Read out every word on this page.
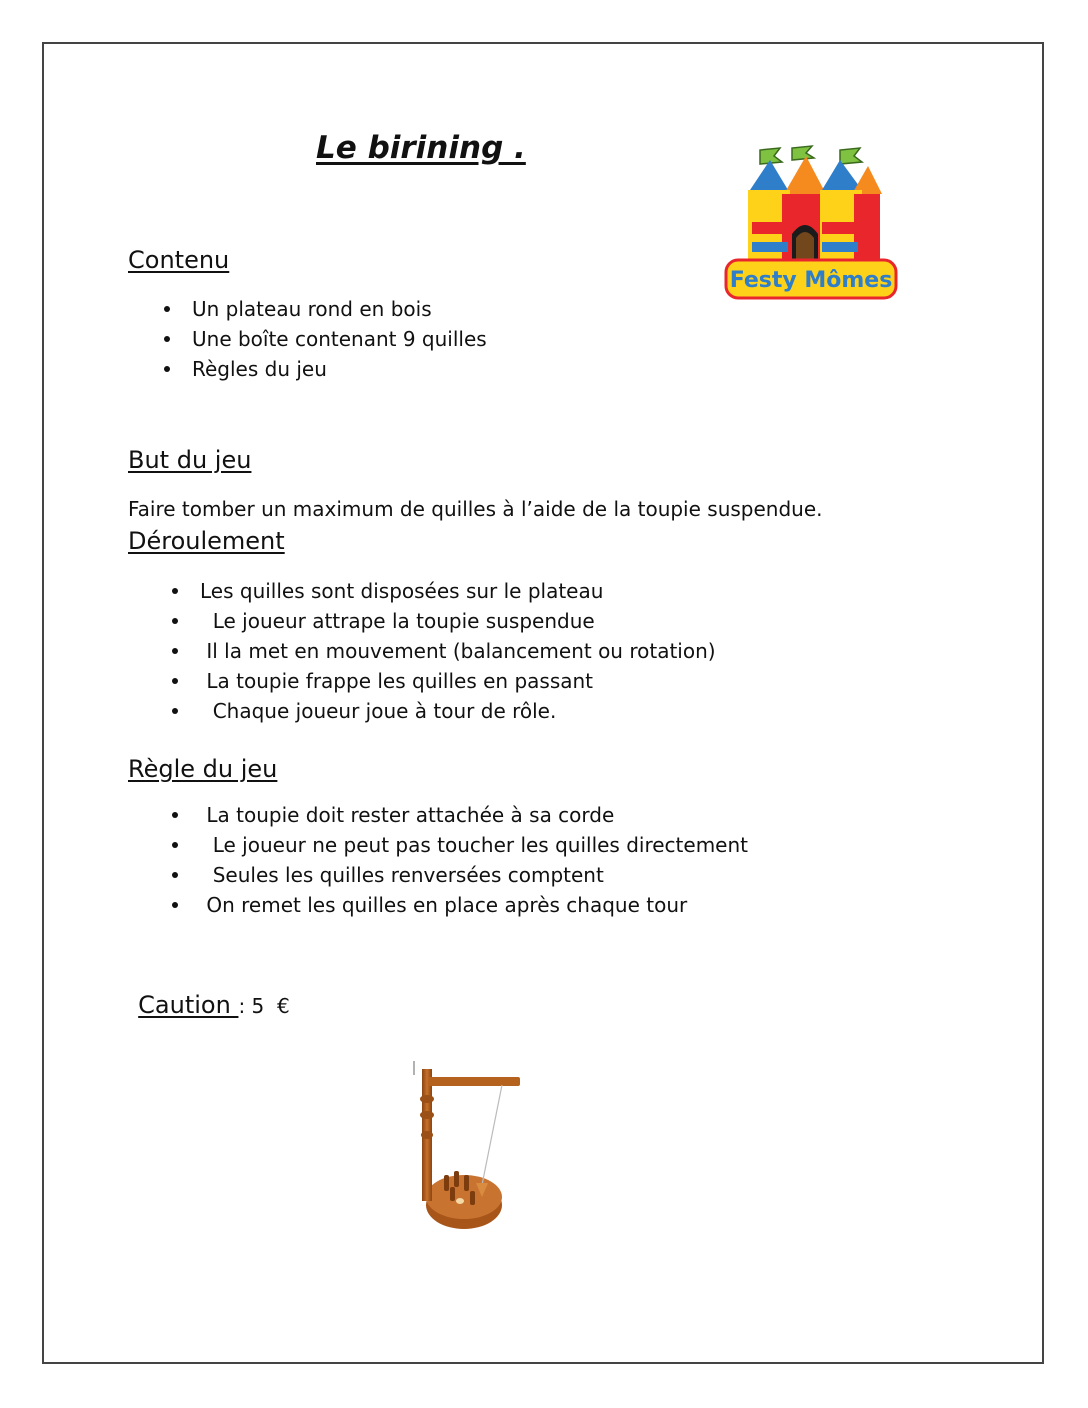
Le birining .
Festy Mômes
Contenu
Un plateau rond en bois
Une boîte contenant 9 quilles
Règles du jeu
But du jeu

Faire tomber un maximum de quilles à l’aide de la toupie suspendue.

Déroulement
Les quilles sont disposées sur le plateau
Le joueur attrape la toupie suspendue
Il la met en mouvement (balancement ou rotation)
La toupie frappe les quilles en passant
Chaque joueur joue à tour de rôle.
Règle du jeu
La toupie doit rester attachée à sa corde
Le joueur ne peut pas toucher les quilles directement
Seules les quilles renversées comptent
On remet les quilles en place après chaque tour

Caution : 5  €
